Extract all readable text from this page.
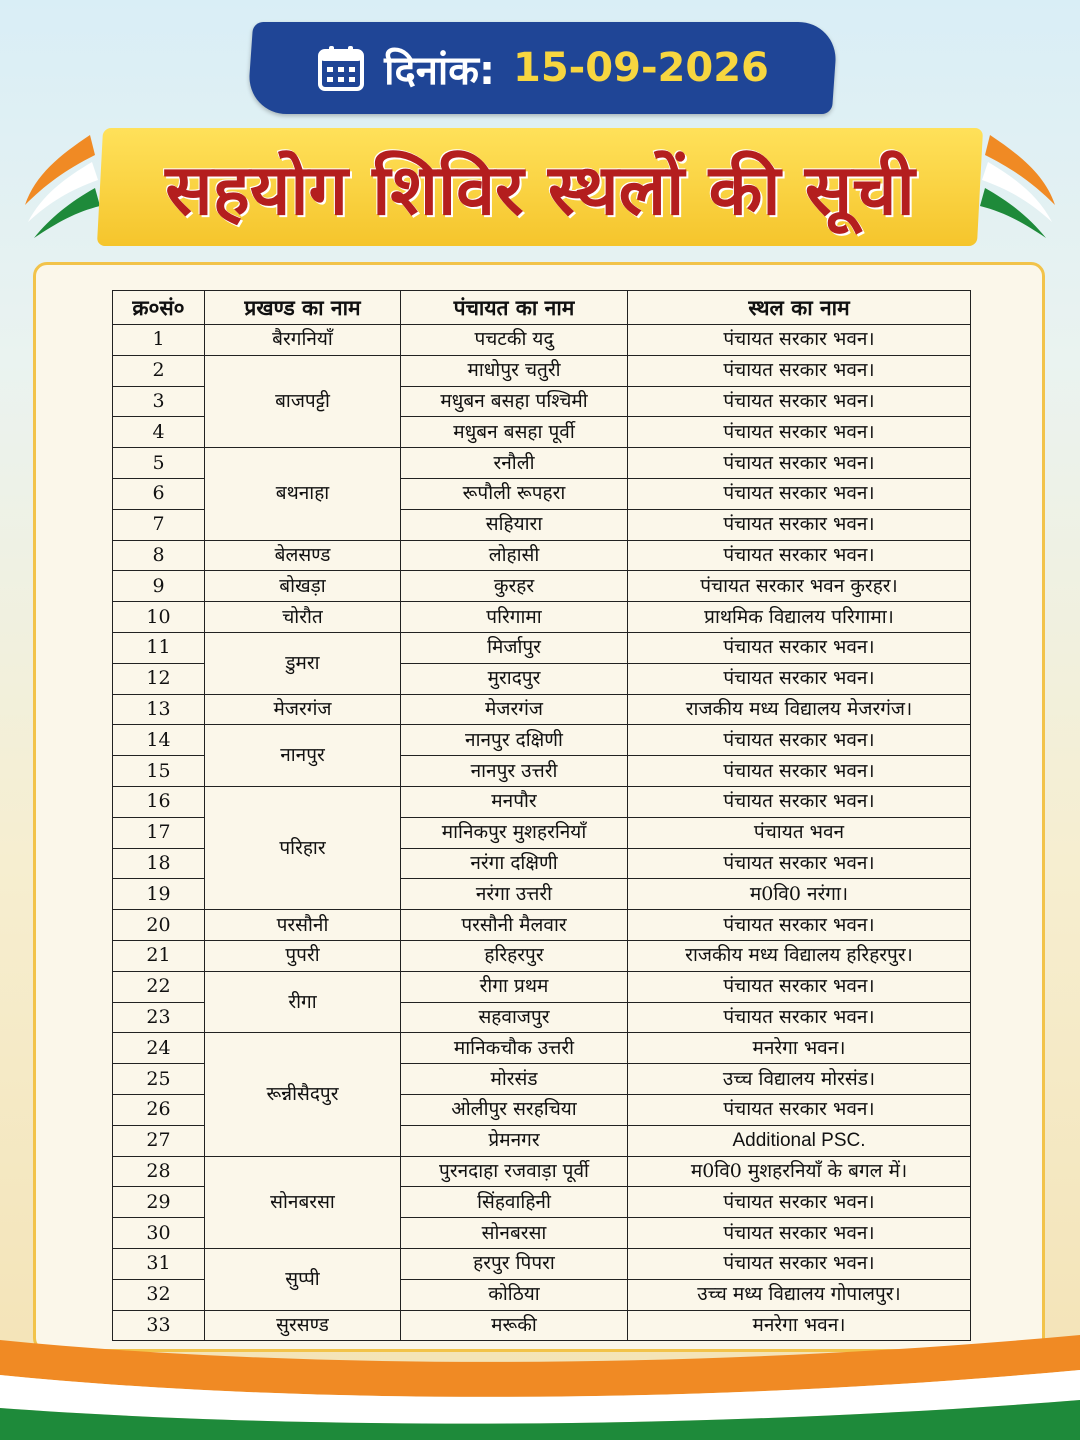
दिनांक: 15-09-2026
सहयोग शिविर स्थलों की सूची
क्र०सं०	प्रखण्ड का नाम	पंचायत का नाम	स्थल का नाम
1	बैरगनियाँ	पचटकी यदु	पंचायत सरकार भवन।
2	बाजपट्टी	माधोपुर चतुरी	पंचायत सरकार भवन।
3		मधुबन बसहा पश्चिमी	पंचायत सरकार भवन।
4		मधुबन बसहा पूर्वी	पंचायत सरकार भवन।
5	बथनाहा	रनौली	पंचायत सरकार भवन।
6		रूपौली रूपहरा	पंचायत सरकार भवन।
7		सहियारा	पंचायत सरकार भवन।
8	बेलसण्ड	लोहासी	पंचायत सरकार भवन।
9	बोखड़ा	कुरहर	पंचायत सरकार भवन कुरहर।
10	चोरौत	परिगामा	प्राथमिक विद्यालय परिगामा।
11	डुमरा	मिर्जापुर	पंचायत सरकार भवन।
12		मुरादपुर	पंचायत सरकार भवन।
13	मेजरगंज	मेजरगंज	राजकीय मध्य विद्यालय मेजरगंज।
14	नानपुर	नानपुर दक्षिणी	पंचायत सरकार भवन।
15		नानपुर उत्तरी	पंचायत सरकार भवन।
16	परिहार	मनपौर	पंचायत सरकार भवन।
17		मानिकपुर मुशहरनियाँ	पंचायत भवन
18		नरंगा दक्षिणी	पंचायत सरकार भवन।
19		नरंगा उत्तरी	म0वि0 नरंगा।
20	परसौनी	परसौनी मैलवार	पंचायत सरकार भवन।
21	पुपरी	हरिहरपुर	राजकीय मध्य विद्यालय हरिहरपुर।
22	रीगा	रीगा प्रथम	पंचायत सरकार भवन।
23		सहवाजपुर	पंचायत सरकार भवन।
24	रून्नीसैदपुर	मानिकचौक उत्तरी	मनरेगा भवन।
25		मोरसंड	उच्च विद्यालय मोरसंड।
26		ओलीपुर सरहचिया	पंचायत सरकार भवन।
27		प्रेमनगर	Additional PSC.
28	सोनबरसा	पुरनदाहा रजवाड़ा पूर्वी	म0वि0 मुशहरनियाँ के बगल में।
29		सिंहवाहिनी	पंचायत सरकार भवन।
30		सोनबरसा	पंचायत सरकार भवन।
31	सुप्पी	हरपुर पिपरा	पंचायत सरकार भवन।
32		कोठिया	उच्च मध्य विद्यालय गोपालपुर।
33	सुरसण्ड	मरूकी	मनरेगा भवन।
